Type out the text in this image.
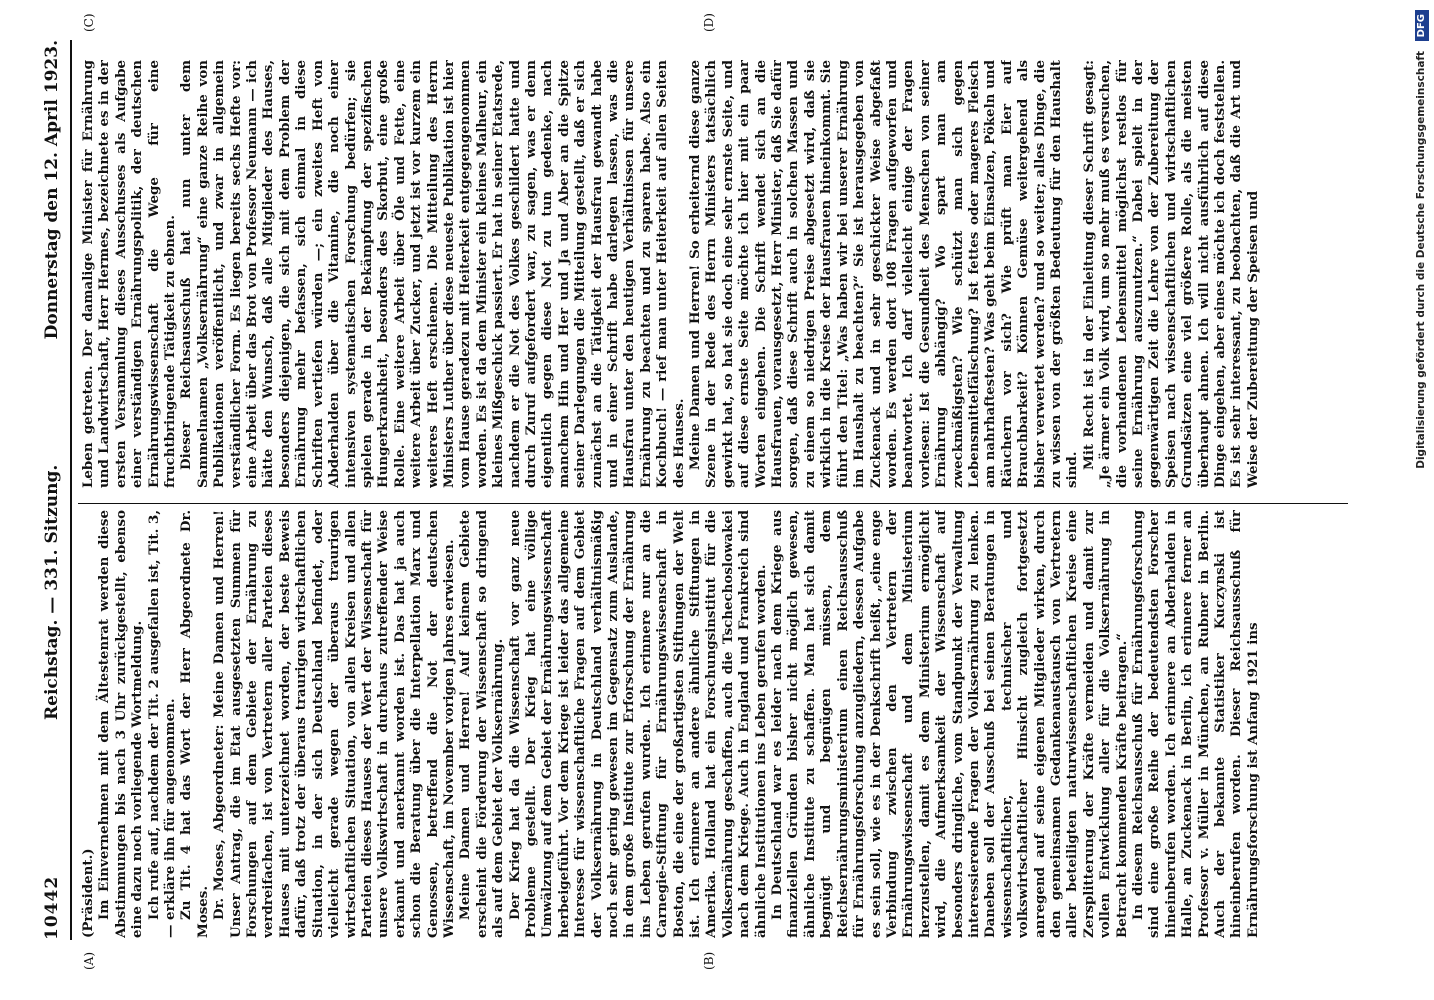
10442
Reichstag. — 331. Sitzung.
Donnerstag den 12. April 1923.
(A)	(B)
(C)	(D)

(Präsident.) Im Einvernehmen mit dem Ältestenrat werden diese Abstimmungen bis nach 3 Uhr zurückgestellt, ebenso eine dazu noch vorliegende Wortmeldung. Ich rufe auf, nachdem der Tit. 2 ausgefallen ist, Tit. 3, — erkläre ihn für angenommen. Zu Tit. 4 hat das Wort der Herr Abgeordnete Dr. Moses. Dr. Moses, Abgeordneter: Meine Damen und Herren! Unser Antrag, die im Etat ausgesetzten Summen für Forschungen auf dem Gebiete der Ernährung zu verdreifachen, ist von Vertretern aller Parteien dieses Hauses mit unterzeichnet worden, der beste Beweis dafür, daß trotz der überaus traurigen wirtschaftlichen Situation, in der sich Deutschland befindet, oder vielleicht gerade wegen der überaus traurigen wirtschaftlichen Situation, von allen Kreisen und allen Parteien dieses Hauses der Wert der Wissenschaft für unsere Volkswirtschaft in durchaus zutreffender Weise erkannt und anerkannt worden ist. Das hat ja auch schon die Beratung über die Interpellation Marx und Genossen, betreffend die Not der deutschen Wissenschaft, im November vorigen Jahres erwiesen. Meine Damen und Herren! Auf keinem Gebiete erscheint die Förderung der Wissenschaft so dringend als auf dem Gebiet der Volksernährung. Der Krieg hat da die Wissenschaft vor ganz neue Probleme gestellt. Der Krieg hat eine völlige Umwälzung auf dem Gebiet der Ernährungswissenschaft herbeigeführt. Vor dem Kriege ist leider das allgemeine Interesse für wissenschaftliche Fragen auf dem Gebiet der Volksernährung in Deutschland verhältnismäßig noch sehr gering gewesen im Gegensatz zum Auslande, in dem große Institute zur Erforschung der Ernährung ins Leben gerufen wurden. Ich erinnere nur an die Carnegie-Stiftung für Ernährungswissenschaft in Boston, die eine der großartigsten Stiftungen der Welt ist. Ich erinnere an andere ähnliche Stiftungen in Amerika. Holland hat ein Forschungsinstitut für die Volksernährung geschaffen, auch die Tschechoslowakei nach dem Kriege. Auch in England und Frankreich sind ähnliche Institutionen ins Leben gerufen worden. In Deutschland war es leider nach dem Kriege aus finanziellen Gründen bisher nicht möglich gewesen, ähnliche Institute zu schaffen. Man hat sich damit begnügt und begnügen müssen, dem Reichsernährungsministerium einen Reichsausschuß für Ernährungsforschung anzugliedern, dessen Aufgabe es sein soll, wie es in der Denkschrift heißt, „eine enge Verbindung zwischen den Vertretern der Ernährungswissenschaft und dem Ministerium herzustellen, damit es dem Ministerium ermöglicht wird, die Aufmerksamkeit der Wissenschaft auf besonders dringliche, vom Standpunkt der Verwaltung interessierende Fragen der Volksernährung zu lenken. Daneben soll der Ausschuß bei seinen Beratungen in wissenschaftlicher, technischer und volkswirtschaftlicher Hinsicht zugleich fortgesetzt anregend auf seine eigenen Mitglieder wirken, durch den gemeinsamen Gedankenaustausch von Vertretern aller beteiligten naturwissenschaftlichen Kreise eine Zersplitterung der Kräfte vermeiden und damit zur vollen Entwicklung aller für die Volksernährung in Betracht kommenden Kräfte beitragen.“ In diesem Reichsausschuß für Ernährungsforschung sind eine große Reihe der bedeutendsten Forscher hineinberufen worden. Ich erinnere an Abderhalden in Halle, an Zuckenack in Berlin, ich erinnere ferner an Professor v. Müller in München, an Rubner in Berlin. Auch der bekannte Statistiker Kuczynski ist hineinberufen worden. Dieser Reichsausschuß für Ernährungsforschung ist Anfang 1921 ins

Leben getreten. Der damalige Minister für Ernährung und Landwirtschaft, Herr Hermes, bezeichnete es in der ersten Versammlung dieses Ausschusses als Aufgabe einer verständigen Ernährungspolitik, der deutschen Ernährungswissenschaft die Wege für eine fruchtbringende Tätigkeit zu ebnen. Dieser Reichsausschuß hat nun unter dem Sammelnamen „Volksernährung“ eine ganze Reihe von Publikationen veröffentlicht, und zwar in allgemein verständlicher Form. Es liegen bereits sechs Hefte vor: eine Arbeit über das Brot von Professor Neumann — ich hätte den Wunsch, daß alle Mitglieder des Hauses, besonders diejenigen, die sich mit dem Problem der Ernährung mehr befassen, sich einmal in diese Schriften vertiefen würden —; ein zweites Heft von Abderhalden über die Vitamine, die noch einer intensiven systematischen Forschung bedürfen; sie spielen gerade in der Bekämpfung der spezifischen Hungerkrankheit, besonders des Skorbut, eine große Rolle. Eine weitere Arbeit über Öle und Fette, eine weitere Arbeit über Zucker, und jetzt ist vor kurzem ein weiteres Heft erschienen. Die Mitteilung des Herrn Ministers Luther über diese neueste Publikation ist hier vom Hause geradezu mit Heiterkeit entgegengenommen worden. Es ist da dem Minister ein kleines Malheur, ein kleines Mißgeschick passiert. Er hat in seiner Etatsrede, nachdem er die Not des Volkes geschildert hatte und durch Zuruf aufgefordert war, zu sagen, was er denn eigentlich gegen diese Not zu tun gedenke, nach manchem Hin und Her und Ja und Aber an die Spitze seiner Darlegungen die Mitteilung gestellt, daß er sich zunächst an die Tätigkeit der Hausfrau gewandt habe und in einer Schrift habe darlegen lassen, was die Hausfrau unter den heutigen Verhältnissen für unsere Ernährung zu beachten und zu sparen habe. Also ein Kochbuch! — rief man unter Heiterkeit auf allen Seiten des Hauses. Meine Damen und Herren! So erheiternd diese ganze Szene in der Rede des Herrn Ministers tatsächlich gewirkt hat, so hat sie doch eine sehr ernste Seite, und auf diese ernste Seite möchte ich hier mit ein paar Worten eingehen. Die Schrift wendet sich an die Hausfrauen, vorausgesetzt, Herr Minister, daß Sie dafür sorgen, daß diese Schrift auch in solchen Massen und zu einem so niedrigen Preise abgesetzt wird, daß sie wirklich in die Kreise der Hausfrauen hineinkommt. Sie führt den Titel: „Was haben wir bei unserer Ernährung im Haushalt zu beachten?“ Sie ist herausgegeben von Zuckenack und in sehr geschickter Weise abgefaßt worden. Es werden dort 108 Fragen aufgeworfen und beantwortet. Ich darf vielleicht einige der Fragen vorlesen: Ist die Gesundheit des Menschen von seiner Ernährung abhängig? Wo spart man am zweckmäßigsten? Wie schützt man sich gegen Lebensmittelfälschung? Ist fettes oder mageres Fleisch am nahrhaftesten? Was geht beim Einsalzen, Pökeln und Räuchern vor sich? Wie prüft man Eier auf Brauchbarkeit? Können Gemüse weitergehend als bisher verwertet werden? und so weiter; alles Dinge, die zu wissen von der größten Bedeutung für den Haushalt sind. Mit Recht ist in der Einleitung dieser Schrift gesagt: „Je ärmer ein Volk wird, um so mehr muß es versuchen, die vorhandenen Lebensmittel möglichst restlos für seine Ernährung auszunutzen.“ Dabei spielt in der gegenwärtigen Zeit die Lehre von der Zubereitung der Speisen nach wissenschaftlichen und wirtschaftlichen Grundsätzen eine viel größere Rolle, als die meisten überhaupt ahnen. Ich will nicht ausführlich auf diese Dinge eingehen, aber eines möchte ich doch feststellen. Es ist sehr interessant, zu beobachten, daß die Art und Weise der Zubereitung der Speisen und	Digitalisierung gefördert durch die Deutsche Forschungsgemeinschaft DFG
